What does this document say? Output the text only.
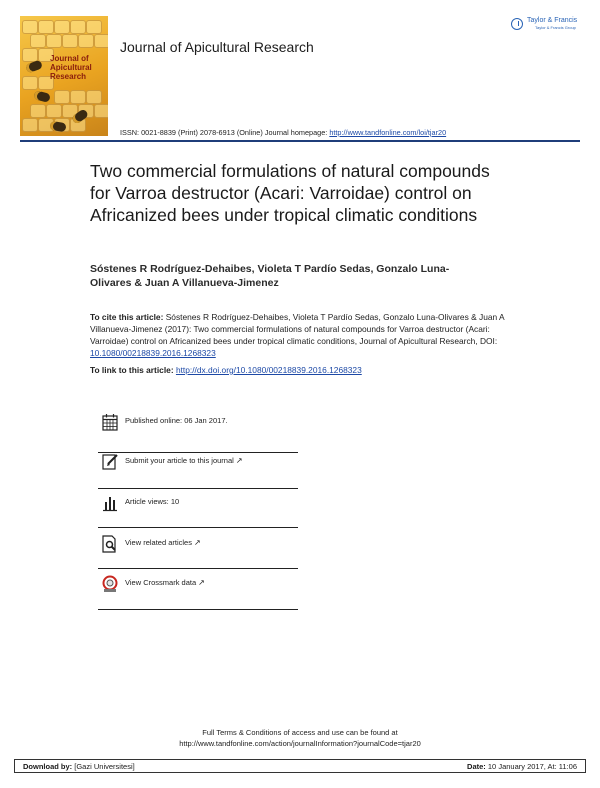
Journal of Apicultural Research
Journal of Apicultural Research
ISSN: 0021-8839 (Print) 2078-6913 (Online) Journal homepage: http://www.tandfonline.com/loi/tjar20
Taylor & Francis
Taylor & Francis Group
Two commercial formulations of natural compounds for Varroa destructor (Acari: Varroidae) control on Africanized bees under tropical climatic conditions
Sóstenes R Rodríguez-Dehaibes, Violeta T Pardío Sedas, Gonzalo Luna-Olivares & Juan A Villanueva-Jimenez
To cite this article: Sóstenes R Rodríguez-Dehaibes, Violeta T Pardío Sedas, Gonzalo Luna-Olivares & Juan A Villanueva-Jimenez (2017): Two commercial formulations of natural compounds for Varroa destructor (Acari: Varroidae) control on Africanized bees under tropical climatic conditions, Journal of Apicultural Research, DOI: 10.1080/00218839.2016.1268323
To link to this article: http://dx.doi.org/10.1080/00218839.2016.1268323
Published online: 06 Jan 2017.
Submit your article to this journal ↗
Article views: 10
View related articles ↗
View Crossmark data ↗
Full Terms & Conditions of access and use can be found at
http://www.tandfonline.com/action/journalInformation?journalCode=tjar20
Download by: [Gazi Universitesi]	Date: 10 January 2017, At: 11:06
